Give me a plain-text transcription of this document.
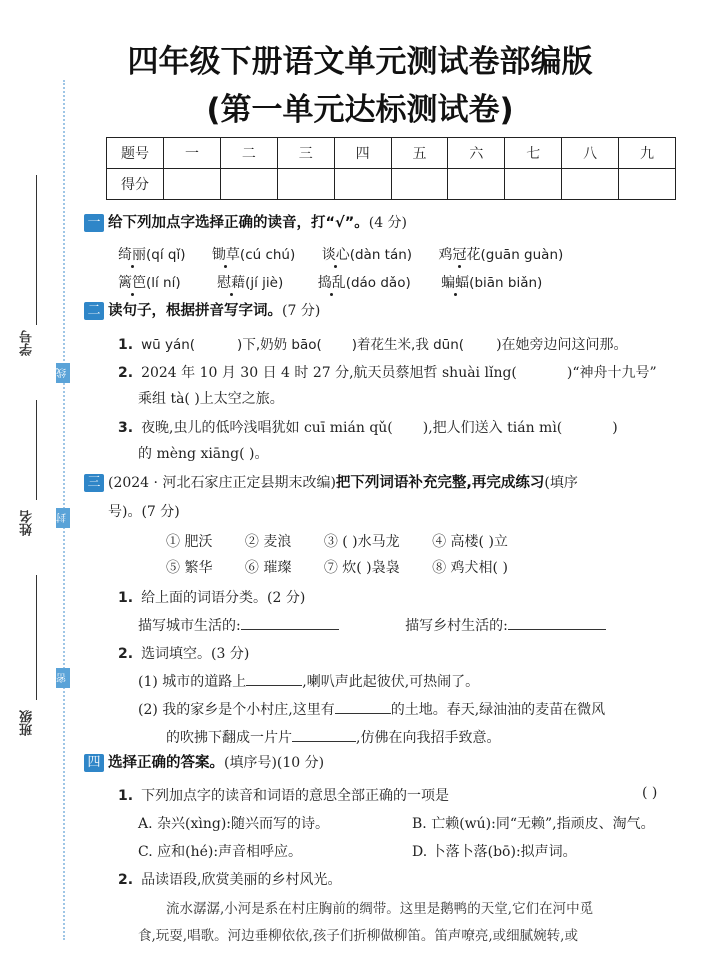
学号
姓名
班级
线
封
密
四年级下册语文单元测试卷部编版
(第一单元达标测试卷)
题号	一	二	三	四	五	六	七	八	九
得分									
一 给下列加点字选择正确的读音，打“√”。(4 分)
绮丽(qí qǐ) 锄草(cú chú) 谈心(dàn tán) 鸡冠花(guān guàn)
篱笆(lí ní)	慰藉(jí jiè) 捣乱(dáo dǎo) 蝙蝠(biān biǎn)
二 读句子，根据拼音写字词。(7 分)
1. wū yán(	)下,奶奶 bāo( )着花生米,我 dūn( )在她旁边问这问那。
2. 2024 年 10 月 30 日 4 时 27 分,航天员蔡旭哲 shuài lǐng(	)“神舟十九号”
乘组 tà( )上太空之旅。
3. 夜晚,虫儿的低吟浅唱犹如 cuī mián qǔ( ),把人们送入 tián mì(	)
的 mèng xiāng( )。
三 (2024 · 河北石家庄正定县期末改编)把下列词语补充完整,再完成练习(填序
号)。(7 分)
① 肥沃 ② 麦浪 ③ ( )水马龙 ④ 高楼( )立
⑤ 繁华 ⑥ 璀璨 ⑦ 炊( )袅袅 ⑧ 鸡犬相( )
1. 给上面的词语分类。(2 分)
描写城市生活的:	描写乡村生活的:
2. 选词填空。(3 分)
(1) 城市的道路上	,喇叭声此起彼伏,可热闹了。
(2) 我的家乡是个小村庄,这里有	的土地。春天,绿油油的麦苗在微风
的吹拂下翻成一片片	,仿佛在向我招手致意。
四 选择正确的答案。(填序号)(10 分)
1. 下列加点字的读音和词语的意思全部正确的一项是	( )
A. 杂兴(xìng):随兴而写的诗。	B. 亡赖(wú):同“无赖”,指顽皮、淘气。
C. 应和(hé):声音相呼应。	D. 卜落卜落(bō):拟声词。
2. 品读语段,欣赏美丽的乡村风光。
流水潺潺,小河是系在村庄胸前的绸带。这里是鹅鸭的天堂,它们在河中觅
食,玩耍,唱歌。河边垂柳依依,孩子们折柳做柳笛。笛声嘹亮,或细腻婉转,或
